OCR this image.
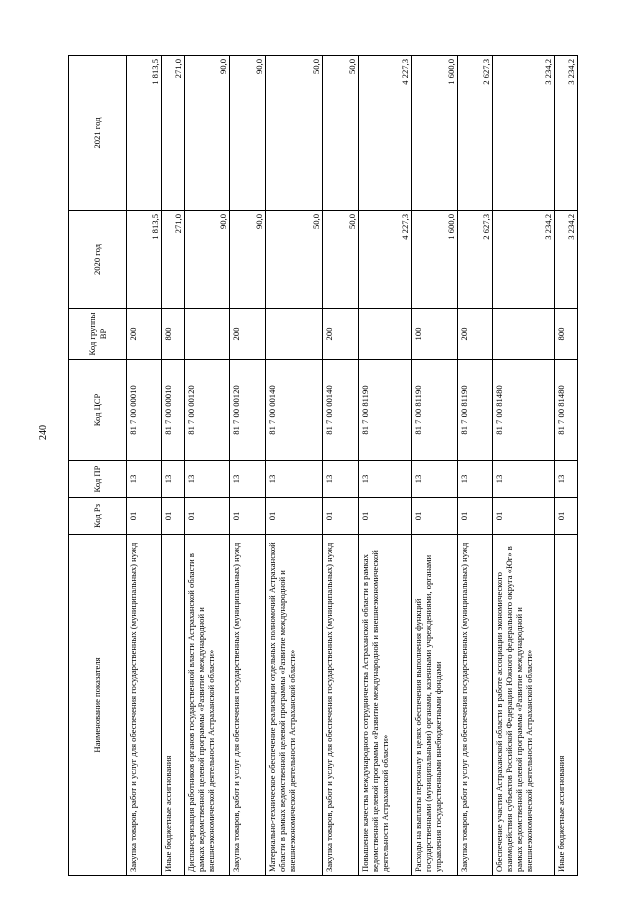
240
Наименование показателя	Код Рз	Код ПР	Код ЦСР	Код группы ВР	2020 год	2021 год
Закупка товаров, работ и услуг для обеспечения государственных (муниципальных) нужд	01	13	81 7 00 00010	200	1 813,5	1 813,5
Иные бюджетные ассигнования	01	13	81 7 00 00010	800	271,0	271,0
Диспансеризация работников органов государственной власти Астраханской области в рамках ведомственной целевой программы «Развитие международной и внешнеэкономической деятельности Астраханской области»	01	13	81 7 00 00120		90,0	90,0
Закупка товаров, работ и услуг для обеспечения государственных (муниципальных) нужд	01	13	81 7 00 00120	200	90,0	90,0
Материально-техническое обеспечение реализации отдельных полномочий Астраханской области в рамках ведомственной целевой программы «Развитие международной и внешнеэкономической деятельности Астраханской области»	01	13	81 7 00 00140		50,0	50,0
Закупка товаров, работ и услуг для обеспечения государственных (муниципальных) нужд	01	13	81 7 00 00140	200	50,0	50,0
Повышение качества международного сотрудничества Астраханской области в рамках ведомственной целевой программы «Развитие международной и внешнеэкономической деятельности Астраханской области»	01	13	81 7 00 81190		4 227,3	4 227,3
Расходы на выплаты персоналу в целях обеспечения выполнения функций государственными (муниципальными) органами, казенными учреждениями, органами управления государственными внебюджетными фондами	01	13	81 7 00 81190	100	1 600,0	1 600,0
Закупка товаров, работ и услуг для обеспечения государственных (муниципальных) нужд	01	13	81 7 00 81190	200	2 627,3	2 627,3
Обеспечение участия Астраханской области в работе ассоциации экономического взаимодействия субъектов Российской Федерации Южного федерального округа «Юг» в рамках ведомственной целевой программы «Развитие международной и внешнеэкономической деятельности Астраханской области»	01	13	81 7 00 81480		3 234,2	3 234,2
Иные бюджетные ассигнования	01	13	81 7 00 81480	800	3 234,2	3 234,2
